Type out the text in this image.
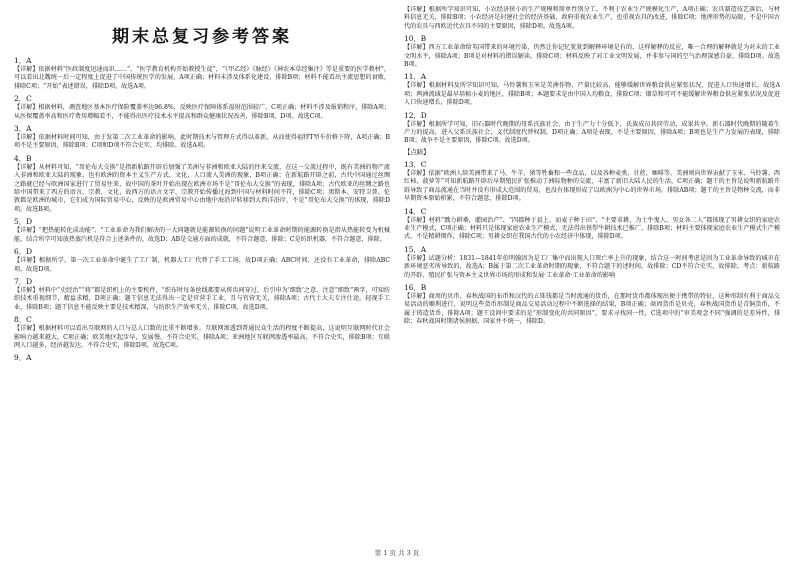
期末总复习参考答案
1．A
【详解】依据材料“医政制度迅速而识……”，“医学教育机构开始教授生徒”，“《甲乙经》《脉经》《神农本草经集注》等是重要的医学教材”，可以看出北魏统一后一定程度上促进了中国传统医学的发展，A项正确；材料未涉及体系化建设，排除B项；材料不能看出主流思想的衰败，排除C项；“开始”表述错误，排除D项。故选A项。
2．C
【详解】根据材料，调查地区基本医疗保险覆盖率达96.8%，反映医疗保障体系福射范围较广，C项正确；材料不涉及报销程序，排除A项；从医保覆盖率高和医疗费用增幅看不，不能得出医疗技术水平提高和群众健康状况改善，排除B项、D项。故选C项。
3．A
【详解】依据材料时间可知，由于发第二次工业革命的影响，此时期技术与管理方式得以革新，从而使得福特T型车价格下降，A项正确；B项不是主要原因，排除B项；C项和D项不符合史实，均排除。故选A项。
4．B
【详解】从材料可知，“哥伦布大交换”是指新航路开辟后加强了美洲与非洲和欧亚大陆的往来交流，在这一交流过程中，既有美洲的物产流入非洲和欧亚大陆的现象，也有欧洲的资本主义生产方式、文化、人口流入美洲的现象，B项正确；在新航路开辟之前，古代中国通过丝绸之路就已经与欧洲国家进行了贸易往来，故中国的茶叶开始出现在欧洲市场不是“哥伦布大交换”的表现，排除A项；古代欧亚的丝绸之路也给中国带来了西方的语言、宗教、文化，故西方的语言文字、宗教开始传播过海到中国与材料时间不符，排除C项；黑斯本、安特卫普、伦敦都是欧洲的城市，它们成为国际贸易中心，反映的是欧洲贸易中心由地中海沿岸转移到大西洋沿岸，不是“哥伦布大交换”的体现，排除D项。故选B项。
5．D
【详解】“把热能转化成动能”、“工业革命为我们解决的一大问题就是能源转换的问题”说明工业革命时期的能源转换是指从热能转变为机械能，结合所学可知放热蒸汽机是符合上述条件的，故选D；AB是交通方面的成就，不符合题意，排除；C是纺织机器，不符合题意，排除。
6．D
【详解】根据所学，第一次工业革命中诞生了工厂制，机器大工厂代替了手工工场，故D项正确；ABC时间，还没有工业革命，排除ABC项。故选D项。
7．D
【详解】材料中“史经治”“将”都是织机上的主要机件，“织布时每条丝线都要从将齿间穿过，后引申为‘细致’之意，注意“细致”两字，可知纺织技术重视细节，精益求精，D项正确；题干信息无法得出一定是官营手工业，且与官营无关，排除A项；古代士大夫专注仕途，轻视手工业，排除B项；题干信息不能反映主要是技术精深，与纺织生产效率无关，排除C项。故选D项。
8．C
【详解】根据材料可以看出互联网的人口与总人口数的比重不断增多，互联网渗透到普通民众生活的程度不断提高，这说明互联网时代社会影响力越来越大，C项正确；欧美地区起步早，发展慢，不符合史实，排除A项；亚洲地区互联网渗透率最高，不符合史实，排除B项；互联网人口越多，经济越发达，不符合史实，排除D项。故选C项。
9．A
【详解】根据所学知识可知，小农经济狭小的生产规模和简单性别分工，不利于农业生产规模化生产，A项正确；农具制造技艺落后，与材料信息无关，排除B项；小农经济是封建社会的经济基础，政府重视农业生产，也重视农具的改进，排除C项；地理形势的局限，不是中国古代的农具与西欧近代农具不同的主要原因，排除D项。故选A项。
10．B
【详解】西方工业革命给英国带来的环境污染，仍然让你记忆犹犹到解释环境是有的，这样解释的反应，唯一合理的解释就是为对未的工业文明水平，排除A项；B项是对材料的错误解读，排除C项；材料反映了对工业文明发展，并非参与国的空气治理深感自豪，排除D项。故选B项。
11．A
【详解】根据材料及所学知识可知，马铃薯和玉米是美洲作物，产量比较高，能够缓解世界粮食供应紧张状况，促进人口快速增长，故选A项；两洲流域是最早培植小麦的地区，排除B项；本题要求是由中国人均粮食，排除C项；烟草和可可不能缓解世界粮食供应紧张状况及促进人口快速增长，排除D项。
12．D
【详解】根据所学可知，旧石器时代晚期的母系氏族社会，由于生产力十分低下，氏族成员共同劳动，成果共享。新石器时代晚期的随着生产力的提高，进入父系氏族社会，义代制度代替权制，D项正确；A项是表现，不是主要原因，排除A项；B项也是生产力发展的表现，排除B项；战争不是主要原因，排除C项。故选D项。
【点睛】
13．C
【详解】依据“欧洲人给美洲带来了马、牛羊、猪等牲畜和一些食品，以及各种麦类、甘蔗、咖啡等，美洲则向世界贡献了玉米、马铃薯、西红柿、菠萝等”可知新航路开辟后早期殖民扩张推动了洲际物种的交流，丰富了新旧大陆人民的生活，C项正确；题干的主旨是说明新航路开辟导致了商品流通在当时并没有形成大范围的贸易，也没有体现形成了以欧洲为中心的世界市场，排除AB项；题干的主旨是物种交流，而非早期资本原始积累，不符合题意，排除D项。
14．C
【详解】材料“戮力耕桑，灌园治产”、“四郡种于县上，而麦子种于田”、“主要求耕，为士牛鬼人，男女各二人”都体现了男耕女织的家庭农业生产模式，C项正确；材料只是体现家庭农业生产模式，无法得出铁犁牛耕技术已推广，排除B项；材料主要体现家庭农业生产模式生产模式，不是精耕细作，排除C项；男耕女织在我国古代的小农经济中体现，排除D项。
15．A
【详解】试题分析：1831—1841年伯明翰因为是工厂集中而出现人口死亡率上升的现象，结合这一时间考虑是因为工业革命导致的城市在新环境恶劣所导致的，故选A；B属于第二次工业革命时期的现象，不符合题干的述时间，故排除；CD不符合史实，故排除。考点：新航路的开辟、殖民扩张与资本主义世界市场的形成和发展·工业革命·工业革命的影响
16．B
【详解】商周的贝币、春秋战国的布币和汉代的五铢钱都是当时流通的货币，在那时货币都体现出便于携带的特征，这种形制有利于商品交易活动的顺利进行，说明这些货币形制是商品交易活动过程中不断选择的结果，B项正确；商周货币是贝壳，春秋战国货币是青铜货币，不属于铸造货币，排除A项；题干设问中要求的是“形制变化的共同原因”，要求寻找同一性，C选项中的“审美观念不同”强调的是差异性，排除；春秋战国时期诸侯割据，国家并不统一，排除D。
第 1 页 共 3 页
